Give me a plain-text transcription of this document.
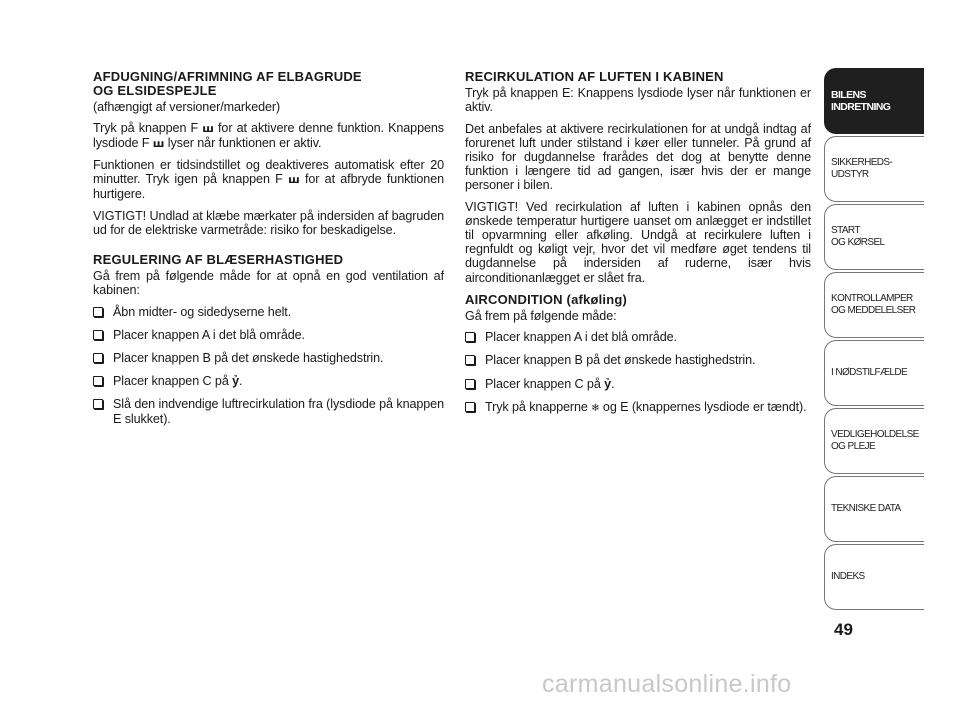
AFDUGNING/AFRIMNING AF ELBAGRUDE
OG ELSIDESPEJLE

(afhængigt af versioner/markeder)

Tryk på knappen F ꟺ for at aktivere denne funktion. Knappens lysdiode F ꟺ lyser når funktionen er aktiv.

Funktionen er tidsindstillet og deaktiveres automatisk efter 20 minutter. Tryk igen på knappen F ꟺ for at afbryde funktionen hurtigere.

VIGTIGT! Undlad at klæbe mærkater på indersiden af bagruden ud for de elektriske varmetråde: risiko for beskadigelse.

REGULERING AF BLÆSERHASTIGHED

Gå frem på følgende måde for at opnå en god ventilation af kabinen:

Åbn midter- og sidedyserne helt.
Placer knappen A i det blå område.
Placer knappen B på det ønskede hastighedstrin.
Placer knappen C på ỷ.
Slå den indvendige luftrecirkulation fra (lysdiode på knappen E slukket).
RECIRKULATION AF LUFTEN I KABINEN

Tryk på knappen E: Knappens lysdiode lyser når funktionen er aktiv.

Det anbefales at aktivere recirkulationen for at undgå indtag af forurenet luft under stilstand i køer eller tunneler. På grund af risiko for dugdannelse frarådes det dog at benytte denne funktion i længere tid ad gangen, især hvis der er mange personer i bilen.

VIGTIGT! Ved recirkulation af luften i kabinen opnås den ønskede temperatur hurtigere uanset om anlægget er indstillet til opvarmning eller afkøling. Undgå at recirkulere luften i regnfuldt og køligt vejr, hvor det vil medføre øget tendens til dugdannelse på indersiden af ruderne, især hvis airconditionanlægget er slået fra.

AIRCONDITION (afkøling)

Gå frem på følgende måde:

Placer knappen A i det blå område.
Placer knappen B på det ønskede hastighedstrin.
Placer knappen C på ỷ.
Tryk på knapperne ❄ og E (knappernes lysdiode er tændt).
BILENS
INDRETNING
SIKKERHEDS-
UDSTYR
START
OG KØRSEL
KONTROLLAMPER
OG MEDDELELSER
I NØDSTILFÆLDE
VEDLIGEHOLDELSE
OG PLEJE
TEKNISKE DATA
INDEKS
49
carmanualsonline.info
